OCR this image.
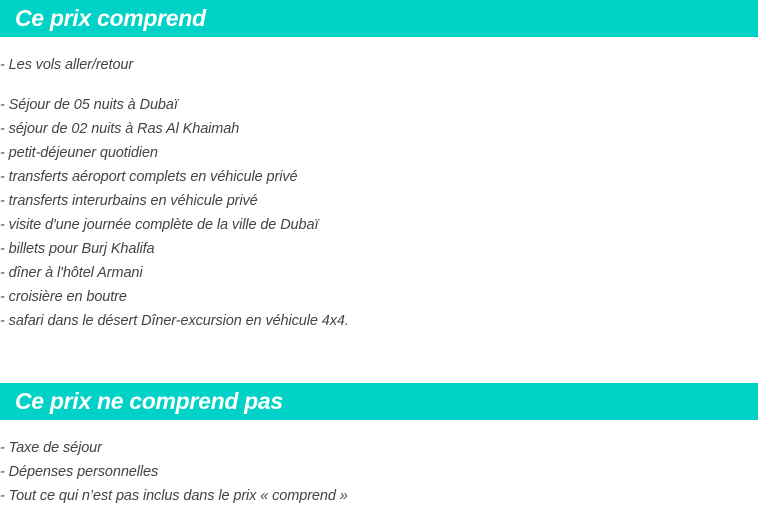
Ce prix comprend
- Les vols aller/retour
- Séjour de 05 nuits à Dubaï
- séjour de 02 nuits à Ras Al Khaimah
- petit-déjeuner quotidien
- transferts aéroport complets en véhicule privé
- transferts interurbains en véhicule privé
- visite d'une journée complète de la ville de Dubaï
- billets pour Burj Khalifa
- dîner à l'hôtel Armani
- croisière en boutre
- safari dans le désert Dîner-excursion en véhicule 4x4.
Ce prix ne comprend pas
- Taxe de séjour
- Dépenses personnelles
- Tout ce qui n’est pas inclus dans le prix « comprend »
